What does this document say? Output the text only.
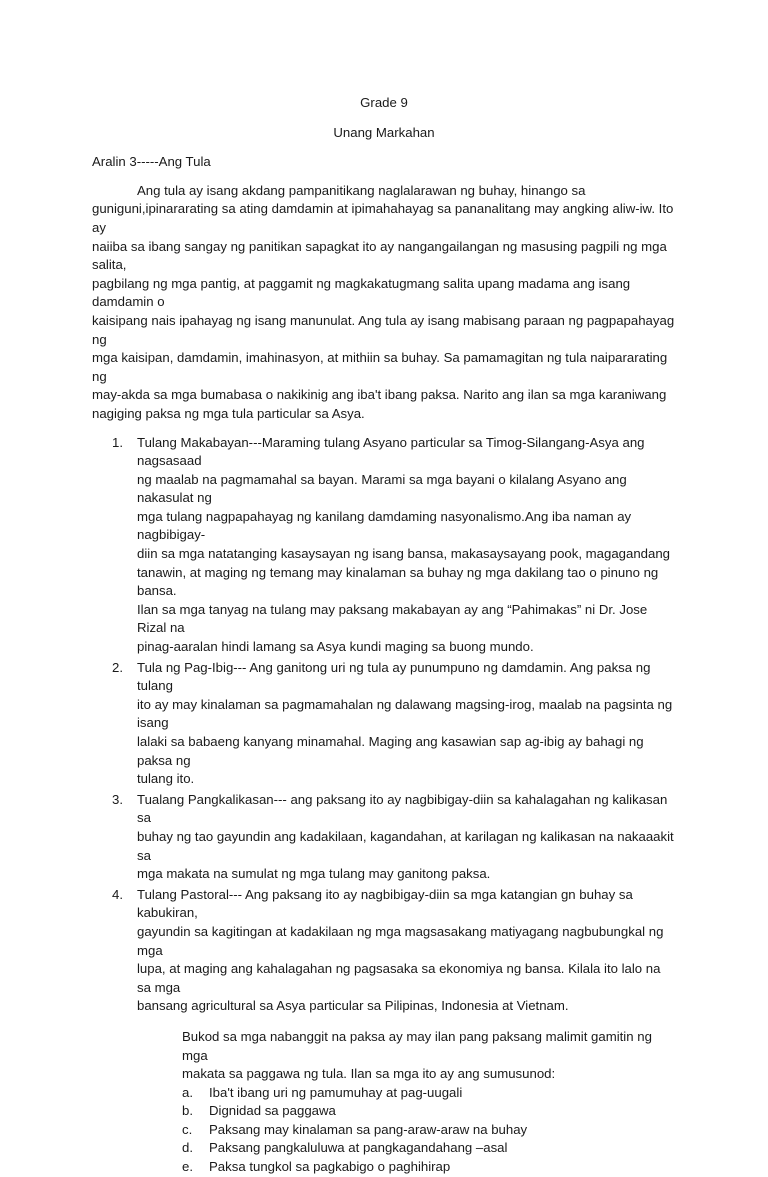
Grade 9
Unang Markahan
Aralin 3-----Ang Tula
Ang tula ay isang akdang pampanitikang naglalarawan ng buhay, hinango sa
guniguni,ipinararating sa ating damdamin at ipimahahayag sa pananalitang may angking aliw-iw. Ito ay
naiiba sa ibang sangay ng panitikan sapagkat ito ay nangangailangan ng masusing pagpili ng mga salita,
pagbilang ng mga pantig, at paggamit ng magkakatugmang salita upang madama ang isang damdamin o
kaisipang nais ipahayag ng isang manunulat. Ang tula ay isang mabisang paraan ng pagpapahayag ng
mga kaisipan, damdamin, imahinasyon, at mithiin sa buhay. Sa pamamagitan ng tula naipararating ng
may-akda sa mga bumabasa o nakikinig ang iba't ibang paksa. Narito ang ilan sa mga karaniwang
nagiging paksa ng mga tula particular sa Asya.
1. Tulang Makabayan---Maraming tulang Asyano particular sa Timog-Silangang-Asya ang nagsasaad
ng maalab na pagmamahal sa bayan. Marami sa mga bayani o kilalang Asyano ang nakasulat ng
mga tulang nagpapahayag ng kanilang damdaming nasyonalismo.Ang iba naman ay nagbibigay-
diin sa mga natatanging kasaysayan ng isang bansa, makasaysayang pook, magagandang
tanawin, at maging ng temang may kinalaman sa buhay ng mga dakilang tao o pinuno ng bansa.
Ilan sa mga tanyag na tulang may paksang makabayan ay ang “Pahimakas” ni Dr. Jose Rizal na
pinag-aaralan hindi lamang sa Asya kundi maging sa buong mundo.
2. Tula ng Pag-Ibig--- Ang ganitong uri ng tula ay punumpuno ng damdamin. Ang paksa ng tulang
ito ay may kinalaman sa pagmamahalan ng dalawang magsing-irog, maalab na pagsinta ng isang
lalaki sa babaeng kanyang minamahal. Maging ang kasawian sap ag-ibig ay bahagi ng paksa ng
tulang ito.
3. Tualang Pangkalikasan--- ang paksang ito ay nagbibigay-diin sa kahalagahan ng kalikasan sa
buhay ng tao gayundin ang kadakilaan, kagandahan, at karilagan ng kalikasan na nakaaakit sa
mga makata na sumulat ng mga tulang may ganitong paksa.
4. Tulang Pastoral--- Ang paksang ito ay nagbibigay-diin sa mga katangian gn buhay sa kabukiran,
gayundin sa kagitingan at kadakilaan ng mga magsasakang matiyagang nagbubungkal ng mga
lupa, at maging ang kahalagahan ng pagsasaka sa ekonomiya ng bansa. Kilala ito lalo na sa mga
bansang agricultural sa Asya particular sa Pilipinas, Indonesia at Vietnam.

Bukod sa mga nabanggit na paksa ay may ilan pang paksang malimit gamitin ng mga

makata sa paggawa ng tula. Ilan sa mga ito ay ang sumusunod:

a. Iba't ibang uri ng pamumuhay at pag-uugali
b. Dignidad sa paggawa
c. Paksang may kinalaman sa pang-araw-araw na buhay
d. Paksang pangkaluluwa at pangkagandahang –asal
e. Paksa tungkol sa pagkabigo o paghihirap
